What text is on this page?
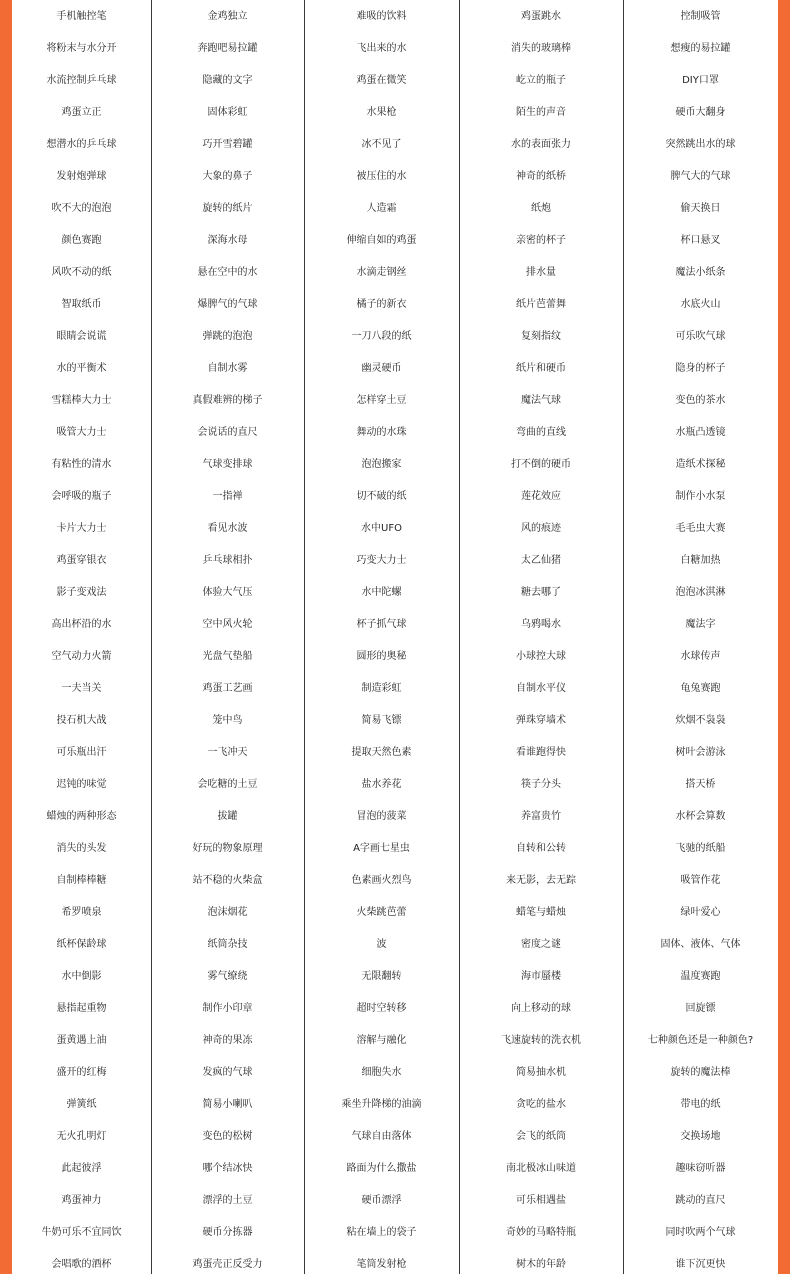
手机触控笔	金鸡独立	难吸的饮料	鸡蛋跳水	控制吸管
将粉末与水分开	奔跑吧易拉罐	飞出来的水	消失的玻璃棒	想瘦的易拉罐
水流控制乒乓球	隐藏的文字	鸡蛋在微笑	屹立的瓶子	DIY口罩
鸡蛋立正	固体彩虹	水果枪	陌生的声音	硬币大翻身
想潜水的乒乓球	巧开雪碧罐	冰不见了	水的表面张力	突然跳出水的球
发射炮弹球	大象的鼻子	被压住的水	神奇的纸桥	脾气大的气球
吹不大的泡泡	旋转的纸片	人造霜	纸炮	偷天换日
颜色赛跑	深海水母	伸缩自如的鸡蛋	亲密的杯子	杯口悬叉
风吹不动的纸	悬在空中的水	水滴走钢丝	排水量	魔法小纸条
智取纸币	爆脾气的气球	橘子的新衣	纸片芭蕾舞	水底火山
眼睛会说谎	弹跳的泡泡	一刀八段的纸	复刻指纹	可乐吹气球
水的平衡术	自制水雾	幽灵硬币	纸片和硬币	隐身的杯子
雪糕棒大力士	真假难辨的梯子	怎样穿土豆	魔法气球	变色的茶水
吸管大力士	会说话的直尺	舞动的水珠	弯曲的直线	水瓶凸透镜
有粘性的清水	气球变排球	泡泡搬家	打不倒的硬币	造纸术探秘
会呼吸的瓶子	一指禅	切不破的纸	莲花效应	制作小水泵
卡片大力士	看见水波	水中UFO	风的痕迹	毛毛虫大赛
鸡蛋穿银衣	乒乓球相扑	巧变大力士	太乙仙猪	白糖加热
影子变戏法	体验大气压	水中陀螺	糖去哪了	泡泡冰淇淋
高出杯沿的水	空中风火轮	杯子抓气球	乌鸦喝水	魔法字
空气动力火箭	光盘气垫船	圆形的奥秘	小球控大球	水球传声
一夫当关	鸡蛋工艺画	制造彩虹	自制水平仪	龟兔赛跑
投石机大战	笼中鸟	简易飞镖	弹珠穿墙术	炊烟不袅袅
可乐瓶出汗	一飞冲天	提取天然色素	看谁跑得快	树叶会游泳
迟钝的味觉	会吃糖的土豆	盐水养花	筷子分头	搭天桥
蜡烛的两种形态	拔罐	冒泡的菠菜	养富贵竹	水杯会算数
消失的头发	好玩的物象原理	A字画七星虫	自转和公转	飞驰的纸船
自制棒棒糖	站不稳的火柴盒	色素画火烈鸟	来无影，去无踪	吸管作花
希罗喷泉	泡沫烟花	火柴跳芭蕾	蜡笔与蜡烛	绿叶爱心
纸杯保龄球	纸筒杂技	波	密度之谜	固体、液体、气体
水中倒影	雾气缭绕	无限翻转	海市蜃楼	温度赛跑
悬指起重物	制作小印章	超时空转移	向上移动的球	回旋镖
蛋黄遇上油	神奇的果冻	溶解与融化	飞速旋转的洗衣机	七种颜色还是一种颜色?
盛开的红梅	发疯的气球	细胞失水	简易抽水机	旋转的魔法棒
弹簧纸	简易小喇叭	乘坐升降梯的油滴	贪吃的盐水	带电的纸
无火孔明灯	变色的松树	气球自由落体	会飞的纸筒	交换场地
此起彼浮	哪个结冰快	路面为什么撒盐	南北极冰山味道	趣味窃听器
鸡蛋神力	漂浮的土豆	硬币漂浮	可乐相遇盐	跳动的直尺
牛奶可乐不宜同饮	硬币分拣器	粘在墙上的袋子	奇妙的马略特瓶	同时吹两个气球
会唱歌的酒杯	鸡蛋壳正反受力	笔筒发射枪	树木的年龄	谁下沉更快
